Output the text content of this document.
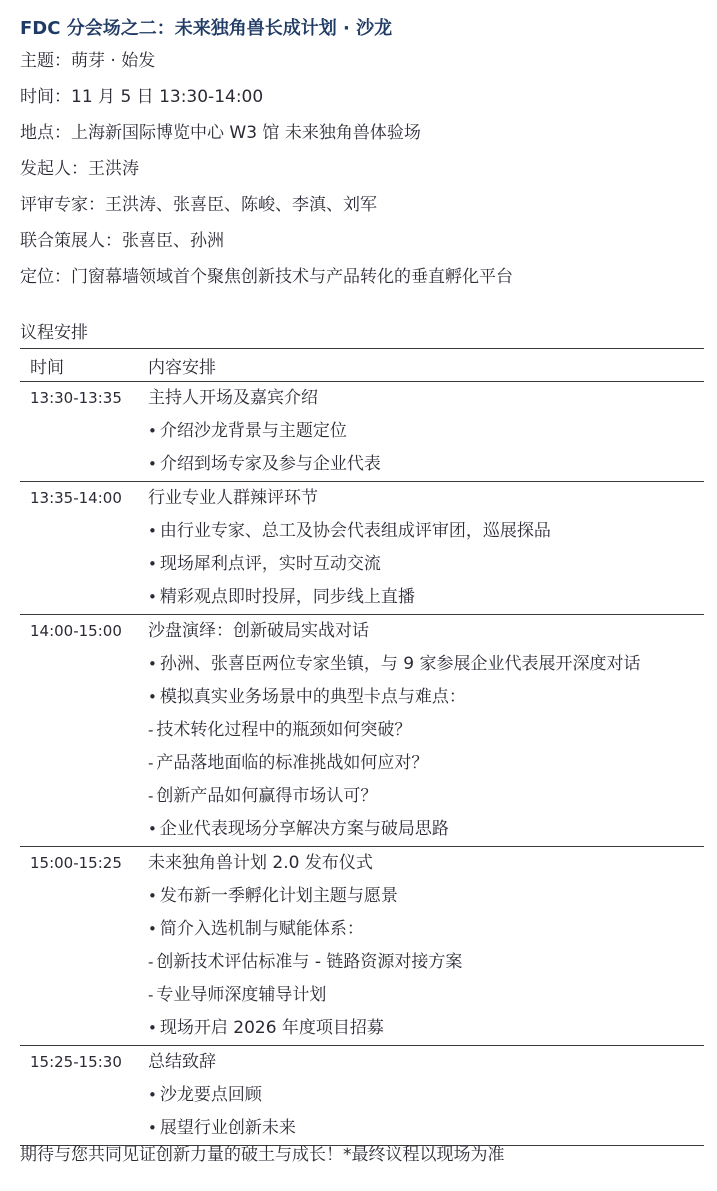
FDC 分会场之二：未来独角兽长成计划 · 沙龙
主题：萌芽 · 始发
时间：11 月 5 日 13:30-14:00
地点：上海新国际博览中心 W3 馆 未来独角兽体验场
发起人：王洪涛
评审专家：王洪涛、张喜臣、陈峻、李滇、刘军
联合策展人：张喜臣、孙洲
定位：门窗幕墙领域首个聚焦创新技术与产品转化的垂直孵化平台
议程安排
时间	内容安排
13:30-13:35	主持人开场及嘉宾介绍
• 介绍沙龙背景与主题定位
• 介绍到场专家及参与企业代表
13:35-14:00	行业专业人群辣评环节
• 由行业专家、总工及协会代表组成评审团，巡展探品
• 现场犀利点评，实时互动交流
• 精彩观点即时投屏，同步线上直播
14:00-15:00	沙盘演绎：创新破局实战对话
• 孙洲、张喜臣两位专家坐镇，与 9 家参展企业代表展开深度对话
• 模拟真实业务场景中的典型卡点与难点：
- 技术转化过程中的瓶颈如何突破？
- 产品落地面临的标准挑战如何应对？
- 创新产品如何赢得市场认可？
• 企业代表现场分享解决方案与破局思路
15:00-15:25	未来独角兽计划 2.0 发布仪式
• 发布新一季孵化计划主题与愿景
• 简介入选机制与赋能体系：
- 创新技术评估标准与 - 链路资源对接方案
- 专业导师深度辅导计划
• 现场开启 2026 年度项目招募
15:25-15:30	总结致辞
• 沙龙要点回顾
• 展望行业创新未来
期待与您共同见证创新力量的破土与成长！*最终议程以现场为准
